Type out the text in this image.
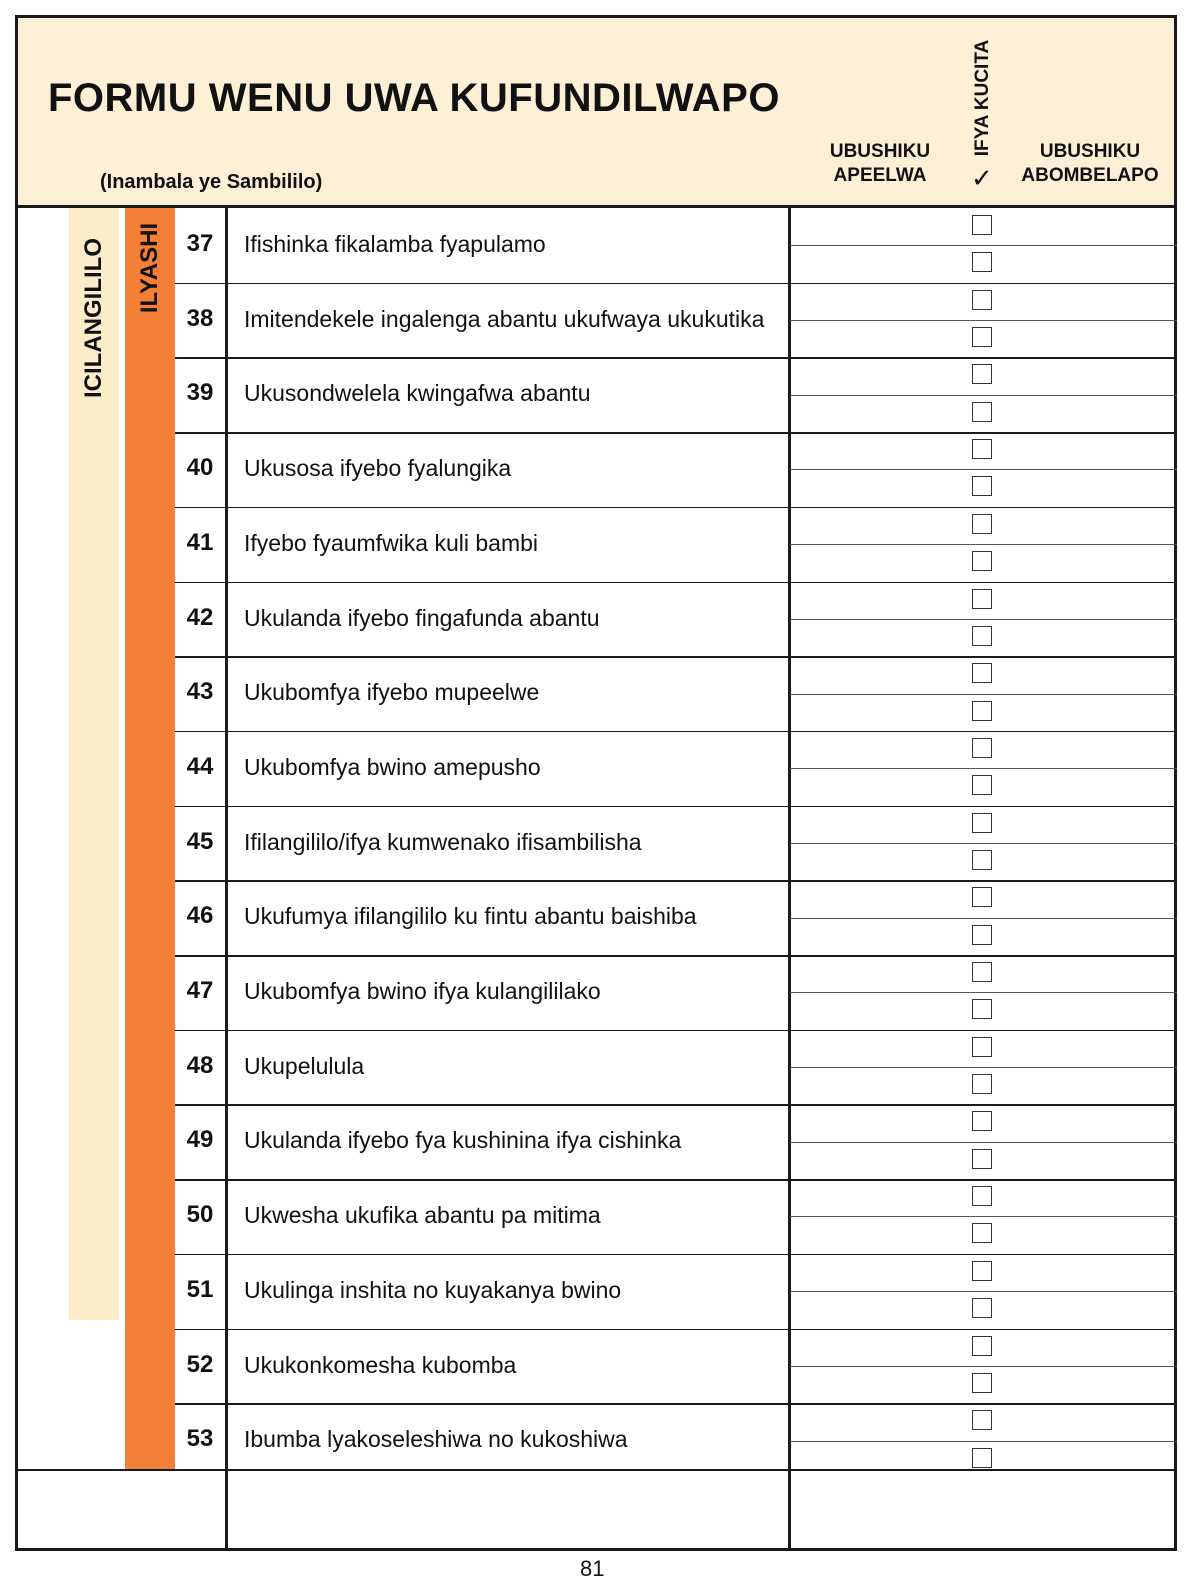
FORMU WENU UWA KUFUNDILWAPO
(Inambala ye Sambililo)
UBUSHIKU
APEELWA
IFYA KUCITA
✓
UBUSHIKU
ABOMBELAPO
ICILANGILILO ILYASHI 37	Ifishinka fikalamba fyapulamo
38	Imitendekele ingalenga abantu ukufwaya ukukutika
39	Ukusondwelela kwingafwa abantu
40	Ukusosa ifyebo fyalungika
41	Ifyebo fyaumfwika kuli bambi
42	Ukulanda ifyebo fingafunda abantu
43	Ukubomfya ifyebo mupeelwe
44	Ukubomfya bwino amepusho
45	Ifilangililo/ifya kumwenako ifisambilisha
46	Ukufumya ifilangililo ku fintu abantu baishiba
47	Ukubomfya bwino ifya kulangililako
48	Ukupelulula
49	Ukulanda ifyebo fya kushinina ifya cishinka
50	Ukwesha ukufika abantu pa mitima
51	Ukulinga inshita no kuyakanya bwino
52	Ukukonkomesha kubomba
53	Ibumba lyakoseleshiwa no kukoshiwa
81
